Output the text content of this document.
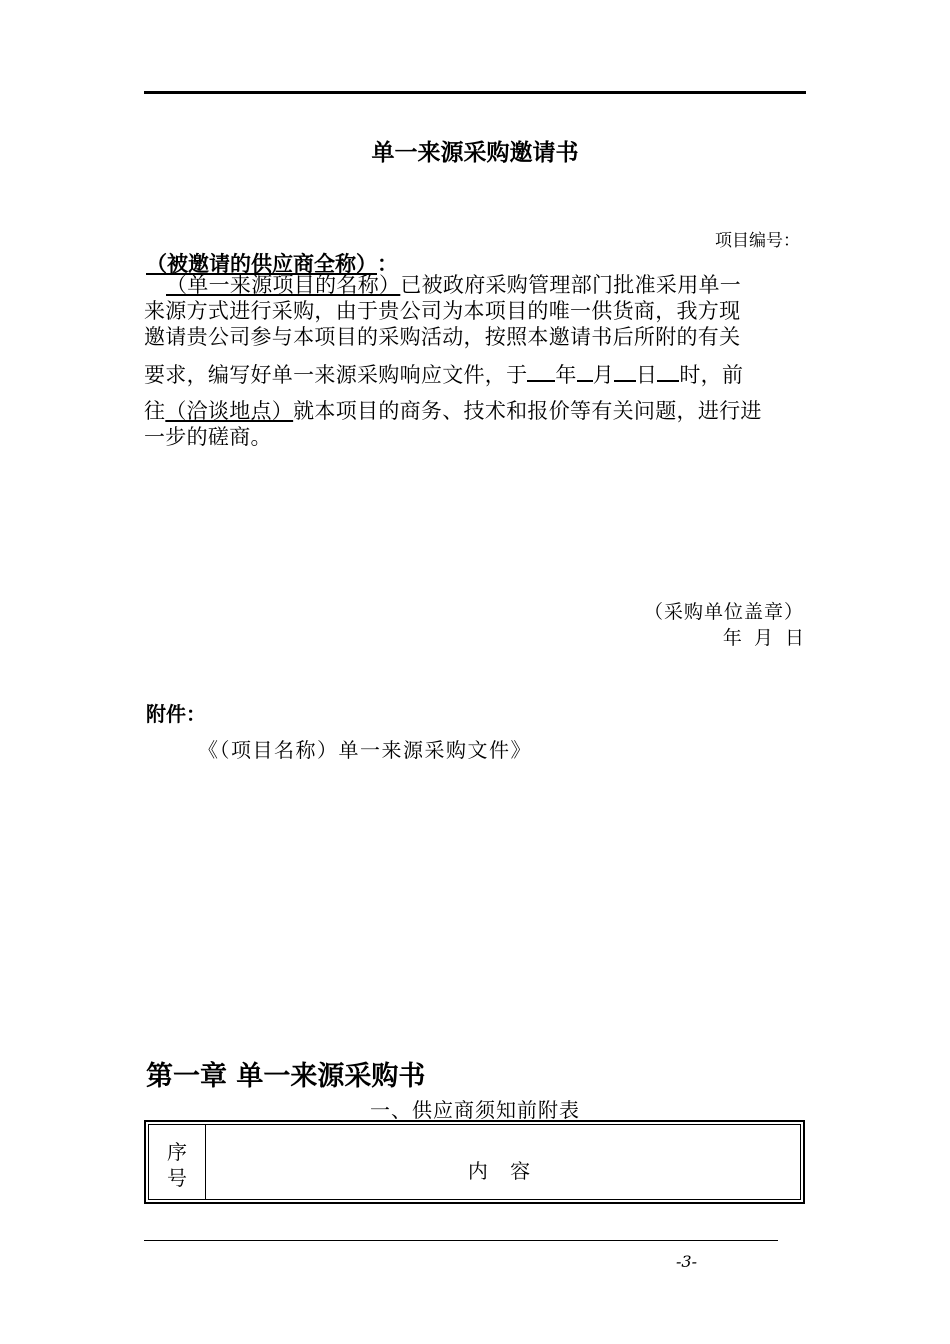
单一来源采购邀请书
项目编号：
（被邀请的供应商全称）：
（单一来源项目的名称）已被政府采购管理部门批准采用单一
来源方式进行采购，由于贵公司为本项目的唯一供货商，我方现
邀请贵公司参与本项目的采购活动，按照本邀请书后所附的有关
要求，编写好单一来源采购响应文件，于 年 月 日 时，前
往（洽谈地点）就本项目的商务、技术和报价等有关问题，进行进
一步的磋商。
（采购单位盖章）
年 月 日
附件：
《（项目名称）单一来源采购文件》
第一章 单一来源采购书
一、供应商须知前附表
序
号	内 容
-3-
